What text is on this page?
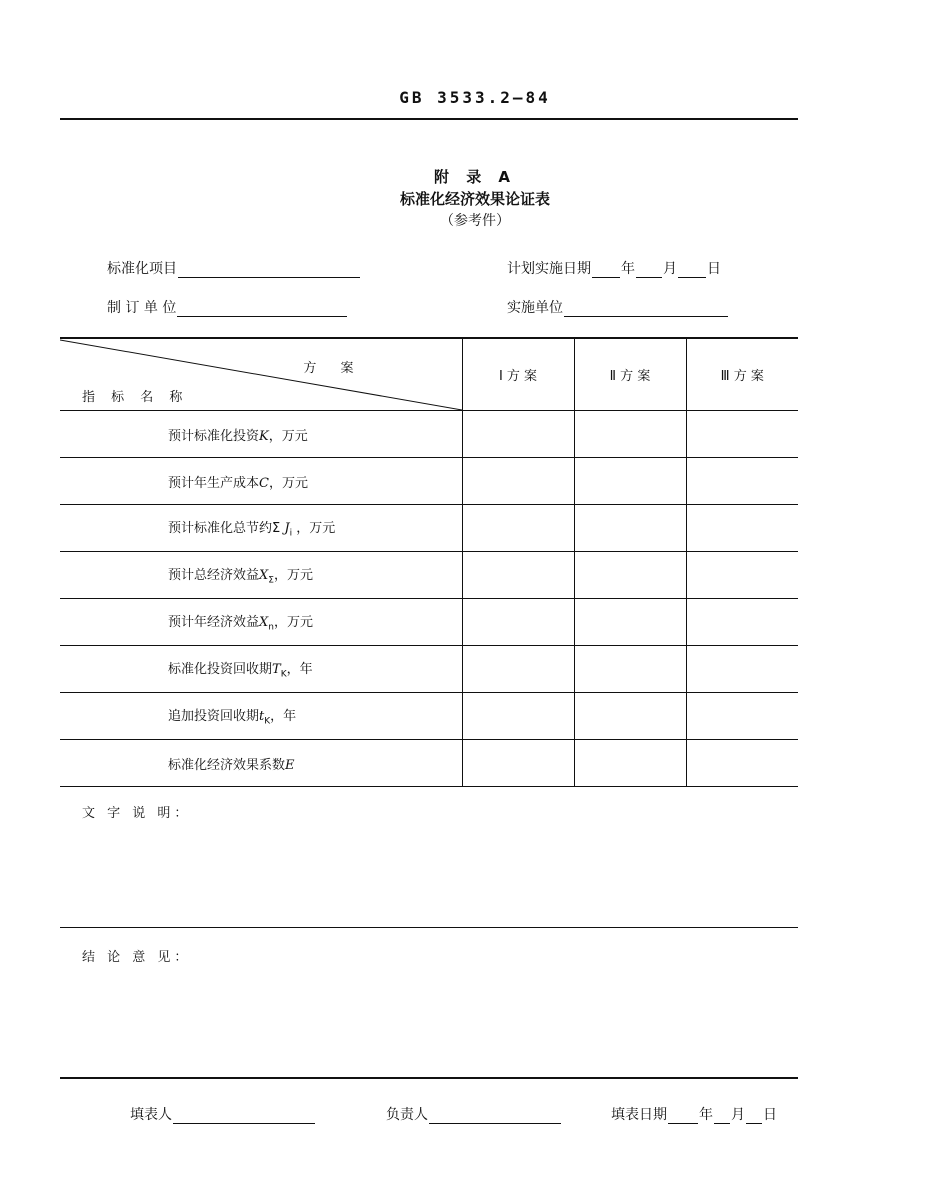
GB 3533.2—84
附 录 A
标准化经济效果论证表
（参考件）
标准化项目	计划实施日期 年 月 日
制 订 单 位	实施单位
方 案
指 标 名 称	Ⅰ 方 案	Ⅱ 方 案	Ⅲ 方 案
预计标准化投资K，万元			
预计年生产成本C，万元			
预计标准化总节约Σ $J_i$ ，万元			
预计总经济效益$X_\Sigma$，万元			
预计年经济效益$X_n$，万元			
标准化投资回收期$T_K$，年			
追加投资回收期$t_K$，年			
标准化经济效果系数E			
文 字 说 明：
结 论 意 见：
填表人	负责人	填表日期 年 月 日
